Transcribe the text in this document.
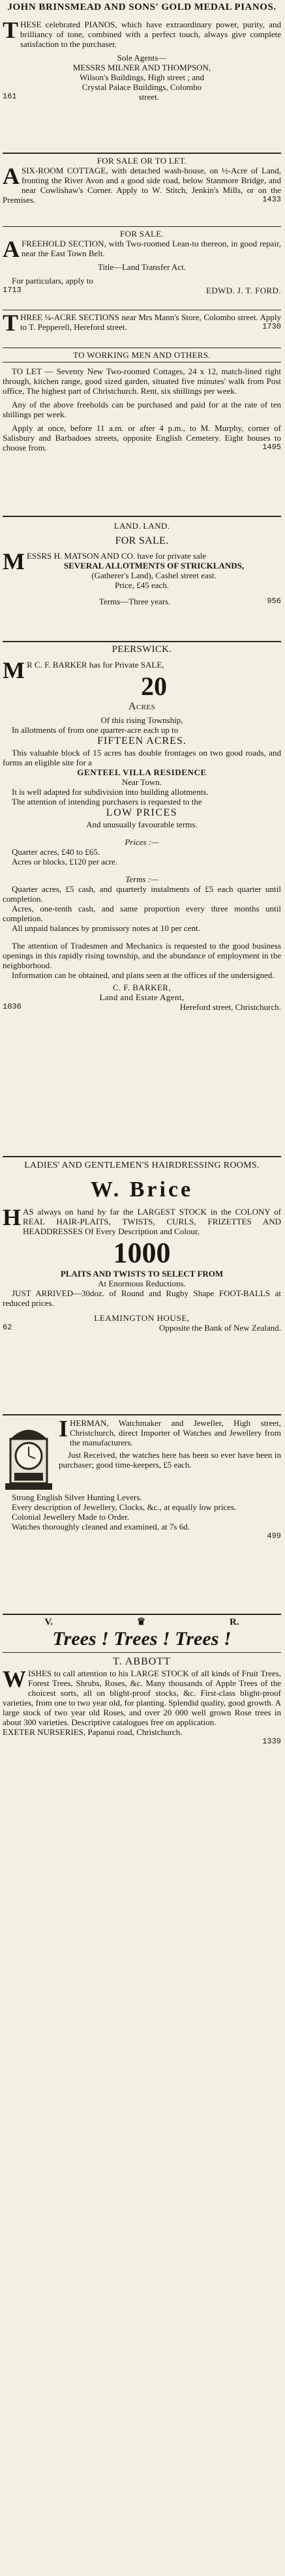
JOHN BRINSMEAD AND SONS' GOLD MEDAL PIANOS.
T HESE celebrated PIANOS, which have extraordinary power, purity, and brilliancy of tone, combined with a perfect touch, always give complete satisfaction to the purchaser.
Sole Agents—
MESSRS MILNER AND THOMPSON,
Wilson's Buildings, High street ; and
Crystal Palace Buildings, Colombo
161	street.
FOR SALE OR TO LET.
A SIX-ROOM COTTAGE, with detached wash-house, on ½-Acre of Land, fronting the River Avon and a good side road, below Stanmore Bridge, and near Cowlishaw's Corner. Apply to W. Stitch, Jenkin's Mills, or on the Premises.	1433
FOR SALE.
A FREEHOLD SECTION, with Two-roomed Lean-to thereon, in good repair, near the East Town Belt.
Title—Land Transfer Act.
For particulars, apply to
1713	EDWD. J. T. FORD.
T HREE ¼-ACRE SECTIONS near Mrs Mann's Store, Colombo street. Apply to T. Pepperell, Hereford street.	1730
TO WORKING MEN AND OTHERS.
TO LET — Seventy New Two-roomed Cottages, 24 x 12, match-lined right through, kitchen range, good sized garden, situated five minutes' walk from Post office, The highest part of Christchurch. Rent, six shillings per week.
Any of the above freeholds can be purchased and paid for at the rate of ten shillings per week.
Apply at once, before 11 a.m. or after 4 p.m., to M. Murphy, corner of Salisbury and Barbadoes streets, opposite English Cemetery. Eight houses to choose from.	1495
LAND. LAND.
FOR SALE.
M ESSRS H. MATSON AND CO. have for private sale
SEVERAL ALLOTMENTS OF STRICKLANDS,
(Gatherer's Land), Cashel street east.
Price, £45 each.
Terms—Three years.	956
PEERSWICK.
M R C. F. BARKER has for Private SALE,
20
Acres
Of this rising Township,
In allotments of from one quarter-acre each up to
FIFTEEN ACRES.
This valuable block of 15 acres has double frontages on two good roads, and forms an eligible site for a
GENTEEL VILLA RESIDENCE
Near Town.
It is well adapted for subdivision into building allotments.
The attention of intending purchasers is requested to the
LOW PRICES
And unusually favourable terms.
Prices :—
Quarter acres, £40 to £65.
Acres or blocks, £120 per acre.
Terms :—
Quarter acres, £5 cash, and quarterly instalments of £5 each quarter until completion.
Acres, one-tenth cash, and same proportion every three months until completion.
All unpaid balances by promissory notes at 10 per cent.
The attention of Tradesmen and Mechanics is requested to the good business openings in this rapidly rising township, and the abundance of employment in the neighborhood.
Information can be obtained, and plans seen at the offices of the undersigned.
C. F. BARKER,
Land and Estate Agent,
1036	Hereford street, Christchurch.
LADIES' AND GENTLEMEN'S HAIRDRESSING ROOMS.
W. Brice
H AS always on hand by far the LARGEST STOCK in the COLONY of REAL HAIR-PLAITS, TWISTS, CURLS, FRIZETTES AND HEADDRESSES Of Every Description and Colour,
1000
PLAITS AND TWISTS TO SELECT FROM
At Enormous Reductions.
JUST ARRIVED—30doz. of Round and Rugby Shape FOOT-BALLS at reduced prices.
LEAMINGTON HOUSE,
62	Opposite the Bank of New Zealand.
I HERMAN, Watchmaker and Jeweller, High street, Christchurch, direct Importer of Watches and Jewellery from the manufacturers.
Just Received, the watches here has been so ever have been in purchaser; good time-keepers, £5 each.
Strong English Silver Hunting Levers.
Every description of Jewellery, Clocks, &c., at equally low prices.
Colonial Jewellery Made to Order.
Watches thoroughly cleaned and examined, at 7s 6d.
499
V.	♛	R.
Trees ! Trees ! Trees !
T. ABBOTT
W ISHES to call attention to his LARGE STOCK of all kinds of Fruit Trees, Forest Trees, Shrubs, Roses, &c. Many thousands of Apple Trees of the choicest sorts, all on blight-proof stocks, &c. First-class blight-proof varieties, from one to two year old, for planting. Splendid quality, good growth. A large stock of two year old Roses, and over 20 000 well grown Rose trees in about 300 varieties. Descriptive catalogues free on application.
EXETER NURSERIES, Papanui road, Christchurch.
1339
